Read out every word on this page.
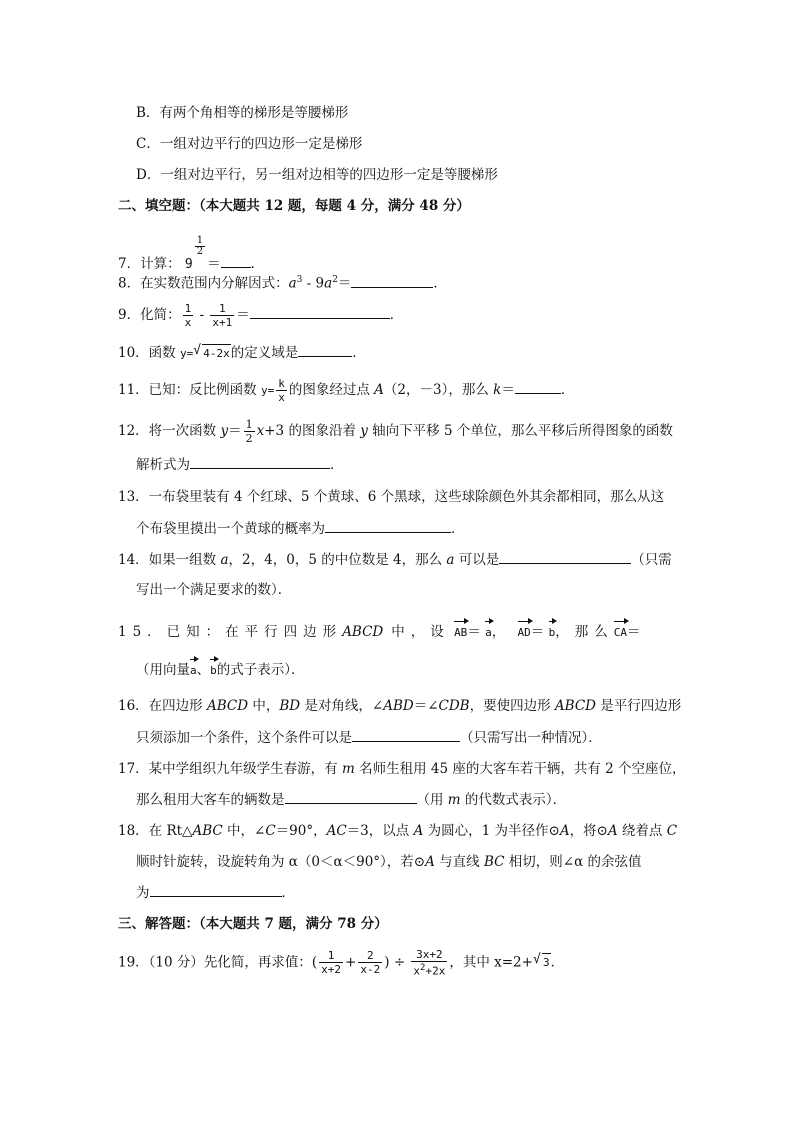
B．有两个角相等的梯形是等腰梯形
C．一组对边平行的四边形一定是梯形
D．一组对边平行，另一组对边相等的四边形一定是等腰梯形
二、填空题：（本大题共 12 题，每题 4 分，满分 48 分）
7．计算： 9
$\frac{1}{2}$
＝ ．
8．在实数范围内分解因式：$a^3 - 9a^2=$	．
9．化简： $\frac{1}{x} - \frac{1}{x+1}$ ＝	．
10．函数 y= √ 4-2x的定义域是	．
11．已知：反比例函数 $y= \frac{k}{x}$ 的图象经过点 A（2，－3），那么 k＝	．
12．将一次函数 $y= \frac{1}{2} x+3$ 的图象沿着 y 轴向下平移 5 个单位，那么平移后所得图象的函数
解析式为	．
13．一布袋里装有 4 个红球、5 个黄球、6 个黑球，这些球除颜色外其余都相同，那么从这
个布袋里摸出一个黄球的概率为	．
14．如果一组数 a，2，4，0，5 的中位数是 4，那么 a 可以是	（只需
写出一个满足要求的数）．
15．已知：在平行四边形ABCD 中，设 AB＝ a， AD＝ b，那么CA＝
（用向量a、b的式子表示）．
16．在四边形 ABCD 中，BD 是对角线，∠ABD＝∠CDB，要使四边形 ABCD 是平行四边形
只须添加一个条件，这个条件可以是	（只需写出一种情况）．
17．某中学组织九年级学生春游，有 m 名师生租用 45 座的大客车若干辆，共有 2 个空座位，
那么租用大客车的辆数是	（用 m 的代数式表示）．
18．在 Rt△ABC 中，∠C＝90°，AC＝3，以点 A 为圆心，1 为半径作⊙A，将⊙A 绕着点 C
顺时针旋转，设旋转角为 α（0＜α＜90°），若⊙A 与直线 BC 相切，则∠α 的余弦值
为	．
三、解答题：（本大题共 7 题，满分 78 分）
19．（10 分）先化简，再求值：( $\frac{1}{x+2} + \frac{2}{x-2}$ ) ÷ $\frac{3x+2}{x^2+2x}$ ，其中 x=2+ √ 3．
